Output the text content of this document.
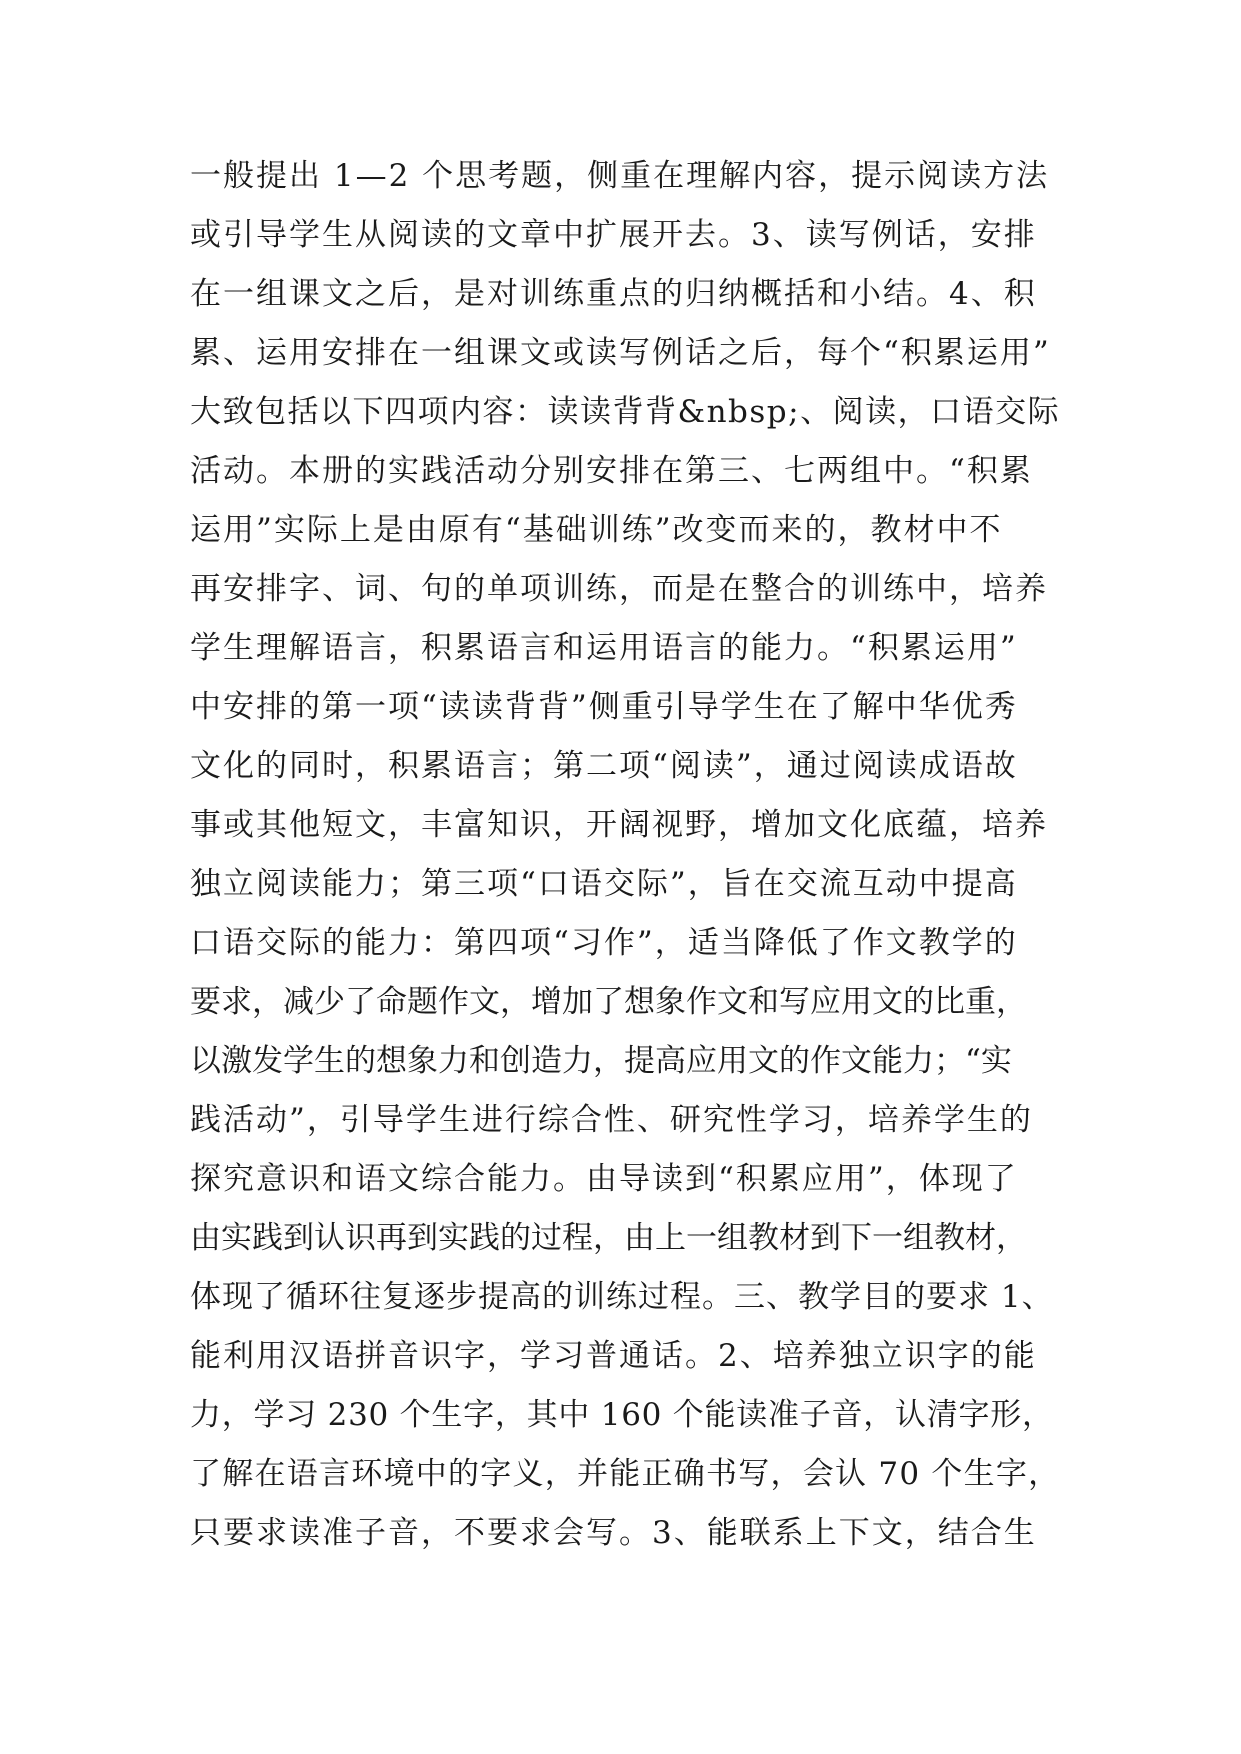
一般提出 1—2 个思考题，侧重在理解内容，提示阅读方法
或引导学生从阅读的文章中扩展开去。3、读写例话，安排
在一组课文之后，是对训练重点的归纳概括和小结。4、积
累、运用安排在一组课文或读写例话之后，每个“积累运用”
大致包括以下四项内容：读读背背&nbsp;、阅读，口语交际
活动。本册的实践活动分别安排在第三、七两组中。“积累
运用”实际上是由原有“基础训练”改变而来的，教材中不
再安排字、词、句的单项训练，而是在整合的训练中，培养
学生理解语言，积累语言和运用语言的能力。“积累运用”
中安排的第一项“读读背背”侧重引导学生在了解中华优秀
文化的同时，积累语言；第二项“阅读”，通过阅读成语故
事或其他短文，丰富知识，开阔视野，增加文化底蕴，培养
独立阅读能力；第三项“口语交际”，旨在交流互动中提高
口语交际的能力：第四项“习作”，适当降低了作文教学的
要求，减少了命题作文，增加了想象作文和写应用文的比重，
以激发学生的想象力和创造力，提高应用文的作文能力；“实
践活动”，引导学生进行综合性、研究性学习，培养学生的
探究意识和语文综合能力。由导读到“积累应用”，体现了
由实践到认识再到实践的过程，由上一组教材到下一组教材，
体现了循环往复逐步提高的训练过程。三、教学目的要求 1、
能利用汉语拼音识字，学习普通话。2、培养独立识字的能
力，学习 230 个生字，其中 160 个能读准子音，认清字形，
了解在语言环境中的字义，并能正确书写，会认 70 个生字，
只要求读准子音，不要求会写。3、能联系上下文，结合生
